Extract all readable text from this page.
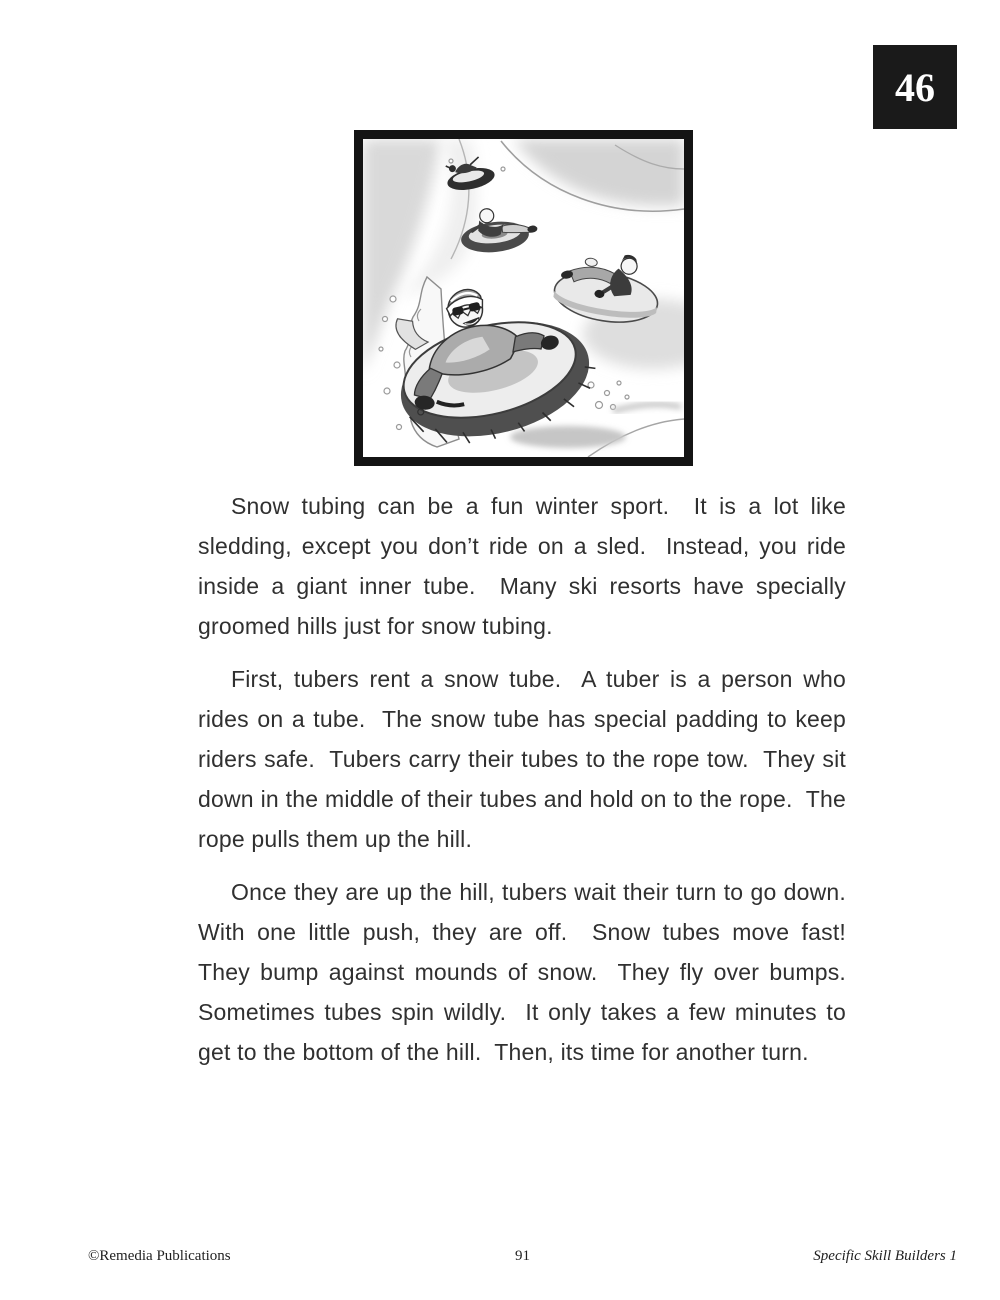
46

Snow tubing can be a fun winter sport.  It is a lot like sledding, except you don’t ride on a sled.  Instead, you ride inside a giant inner tube.  Many ski resorts have specially groomed hills just for snow tubing.

First, tubers rent a snow tube.  A tuber is a person who rides on a tube.  The snow tube has special padding to keep riders safe.  Tubers carry their tubes to the rope tow.  They sit down in the middle of their tubes and hold on to the rope.  The rope pulls them up the hill.

Once they are up the hill, tubers wait their turn to go down.  With one little push, they are off.  Snow tubes move fast!  They bump against mounds of snow.  They fly over bumps.  Sometimes tubes spin wildly.  It only takes a few minutes to get to the bottom of the hill.  Then, its time for another turn.

©Remedia Publications	91	Specific Skill Builders 1
